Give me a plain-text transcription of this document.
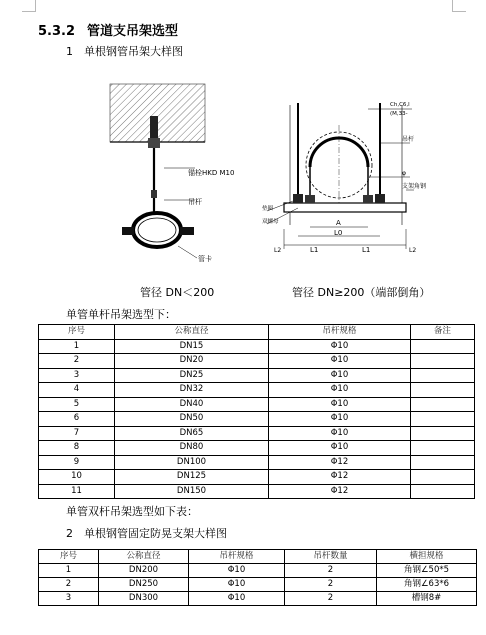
5.3.2 管道支吊架选型
1 单根钢管吊架大样图
锚栓HKD M10
吊杆
管卡
Ch,C6,l
(M,33-
吊杆
φ
支架角钢
垫圈
双螺母	A
L0
L1	L1
L2	L2
管径 DN＜200	管径 DN≥200（端部倒角）
单管单杆吊架选型下：
序号	公称直径	吊杆规格	备注
1	DN15	Φ10	
2	DN20	Φ10	
3	DN25	Φ10	
4	DN32	Φ10	
5	DN40	Φ10	
6	DN50	Φ10	
7	DN65	Φ10	
8	DN80	Φ10	
9	DN100	Φ12	
10	DN125	Φ12	
11	DN150	Φ12	
单管双杆吊架选型如下表：
2 单根钢管固定防晃支架大样图
序号	公称直径	吊杆规格	吊杆数量	横担规格
1	DN200	Φ10	2	角钢∠50*5
2	DN250	Φ10	2	角钢∠63*6
3	DN300	Φ10	2	槽钢8#
